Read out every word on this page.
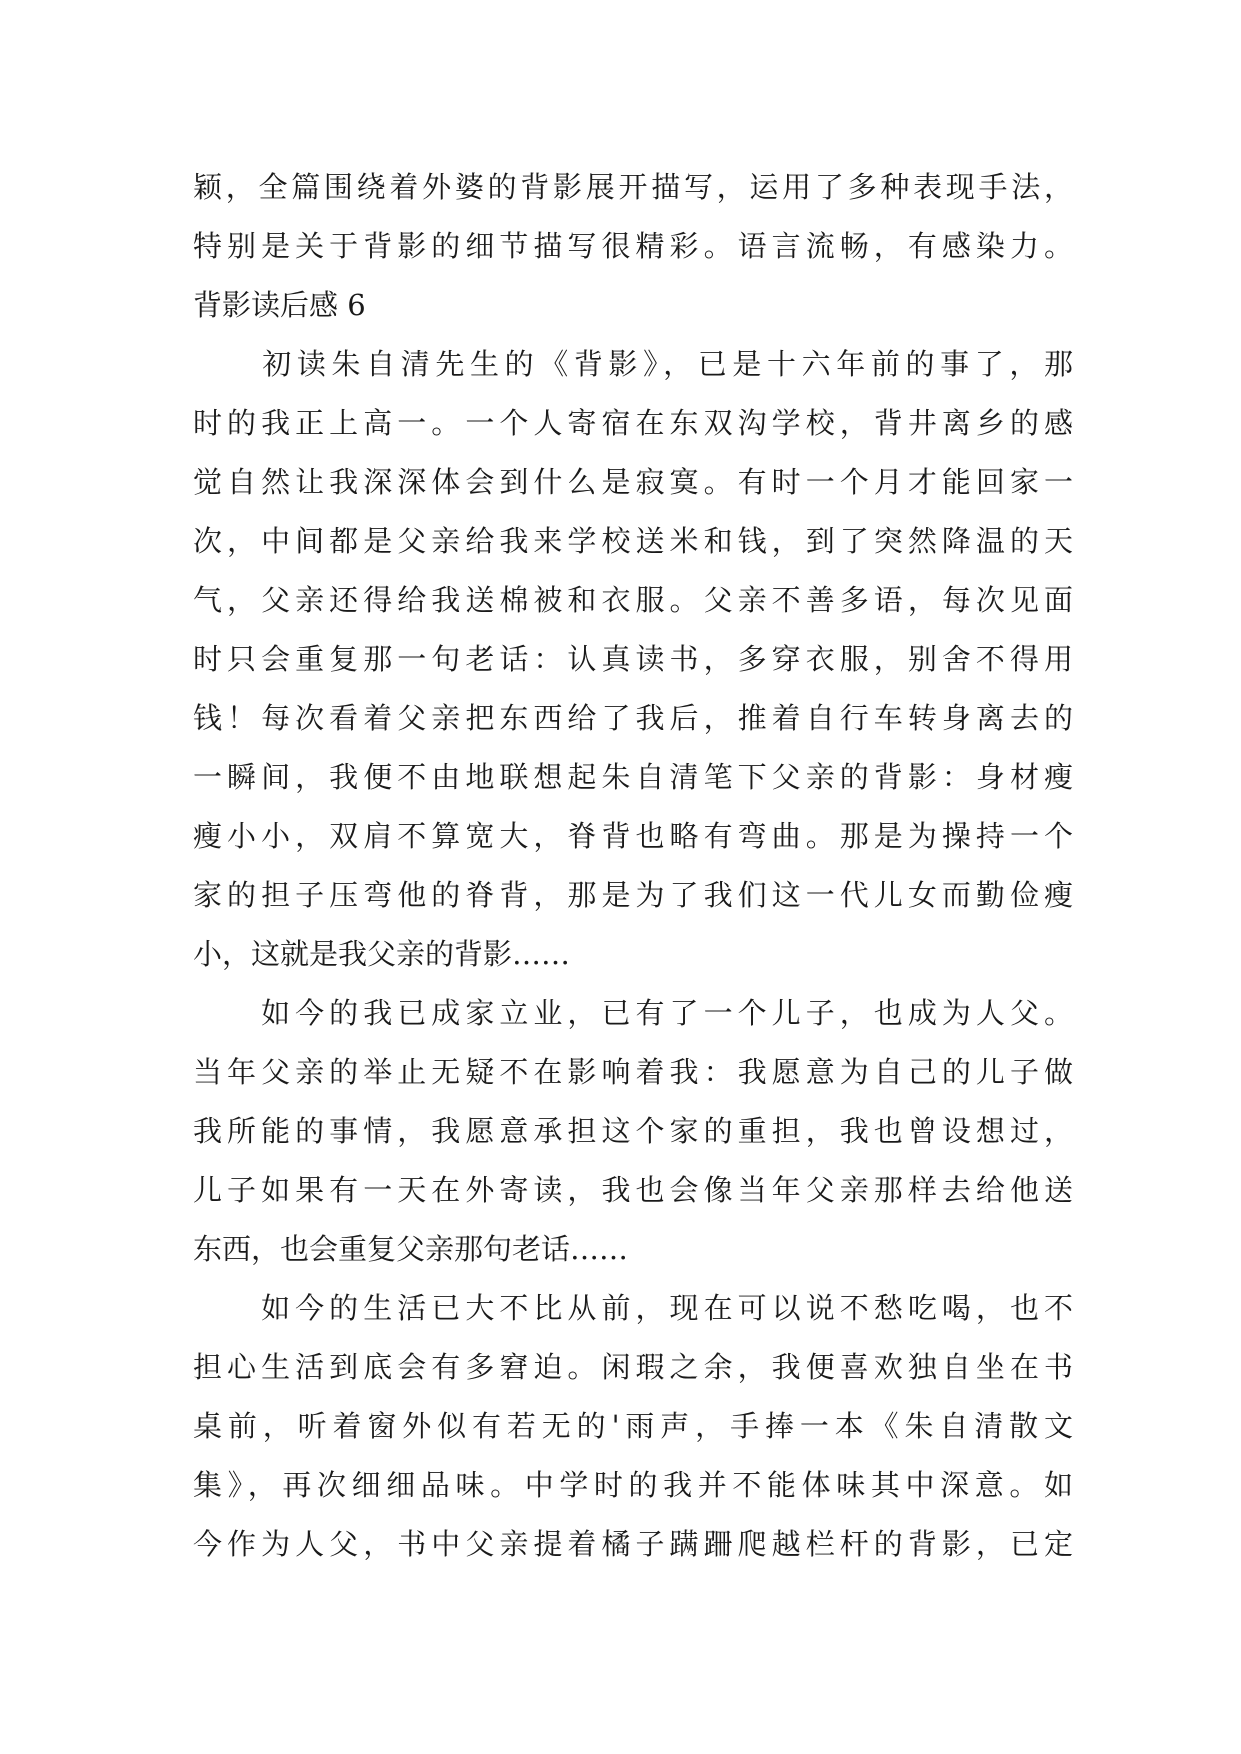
颖，全篇围绕着外婆的背影展开描写，运用了多种表现手法，
特别是关于背影的细节描写很精彩。语言流畅，有感染力。
背影读后感 6
　　初读朱自清先生的《背影》，已是十六年前的事了，那
时的我正上高一。一个人寄宿在东双沟学校，背井离乡的感
觉自然让我深深体会到什么是寂寞。有时一个月才能回家一
次，中间都是父亲给我来学校送米和钱，到了突然降温的天
气，父亲还得给我送棉被和衣服。父亲不善多语，每次见面
时只会重复那一句老话：认真读书，多穿衣服，别舍不得用
钱！每次看着父亲把东西给了我后，推着自行车转身离去的
一瞬间，我便不由地联想起朱自清笔下父亲的背影：身材瘦
瘦小小，双肩不算宽大，脊背也略有弯曲。那是为操持一个
家的担子压弯他的脊背，那是为了我们这一代儿女而勤俭瘦
小，这就是我父亲的背影……
　　如今的我已成家立业，已有了一个儿子，也成为人父。
当年父亲的举止无疑不在影响着我：我愿意为自己的儿子做
我所能的事情，我愿意承担这个家的重担，我也曾设想过，
儿子如果有一天在外寄读，我也会像当年父亲那样去给他送
东西，也会重复父亲那句老话……
　　如今的生活已大不比从前，现在可以说不愁吃喝，也不
担心生活到底会有多窘迫。闲瑕之余，我便喜欢独自坐在书
桌前，听着窗外似有若无的'雨声，手捧一本《朱自清散文
集》，再次细细品味。中学时的我并不能体味其中深意。如
今作为人父，书中父亲提着橘子蹒跚爬越栏杆的背影，已定
